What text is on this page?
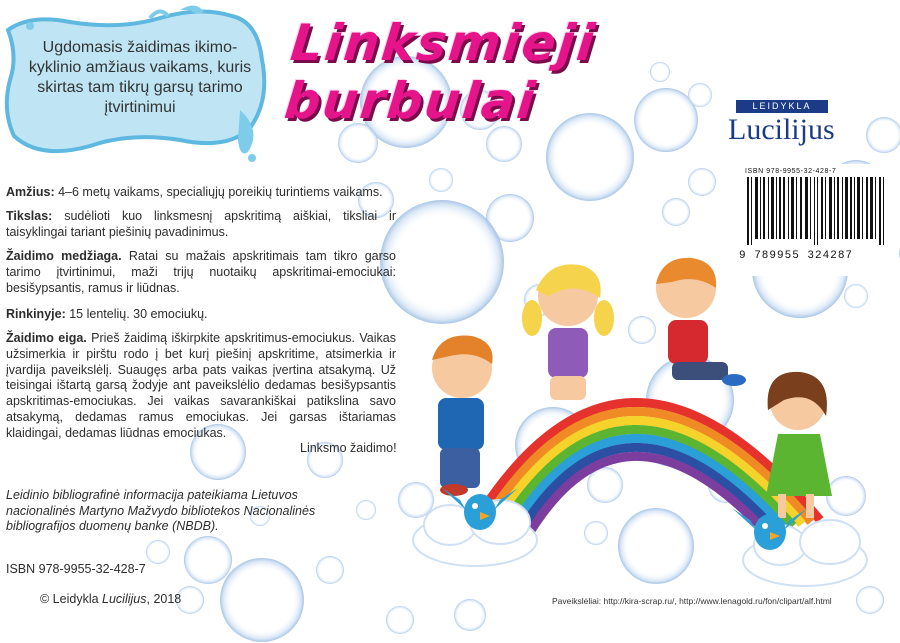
Ugdomasis žaidimas ikimo-kyklinio amžiaus vaikams, kuris skirtas tam tikrų garsų tarimo įtvirtinimui
Linksmieji burbulai	LEIDYKLA
Lucilijus
ISBN 978-9955-32-428-7
9 789955 324287
Amžius: 4–6 metų vaikams, specialiųjų poreikių turintiems vaikams.
Tikslas: sudėlioti kuo linksmesnį apskritimą aiškiai, tiksliai ir taisyklingai tariant piešinių pavadinimus.
Žaidimo medžiaga. Ratai su mažais apskritimais tam tikro garso tarimo įtvirtinimui, maži trijų nuotaikų apskritimai-emociukai: besišypsantis, ramus ir liūdnas.
Rinkinyje: 15 lentelių. 30 emociukų.
Žaidimo eiga. Prieš žaidimą iškirpkite apskritimus-emociukus. Vaikas užsimerkia ir pirštu rodo į bet kurį piešinį apskritime, atsimerkia ir įvardija paveikslėlį. Suaugęs arba pats vaikas įvertina atsakymą. Už teisingai ištartą garsą žodyje ant paveikslėlio dedamas besišypsantis apskritimas-emociukas. Jei vaikas savarankiškai patikslina savo atsakymą, dedamas ramus emociukas. Jei garsas ištariamas klaidingai, dedamas liūdnas emociukas.
Linksmo žaidimo!
Leidinio bibliografinė informacija pateikiama Lietuvos nacionalinės Martyno Mažvydo bibliotekos Nacionalinės bibliografijos duomenų banke (NBDB).
ISBN 978-9955-32-428-7
© Leidykla Lucilijus, 2018	Paveikslėliai: http://kira-scrap.ru/, http://www.lenagold.ru/fon/clipart/alf.html
